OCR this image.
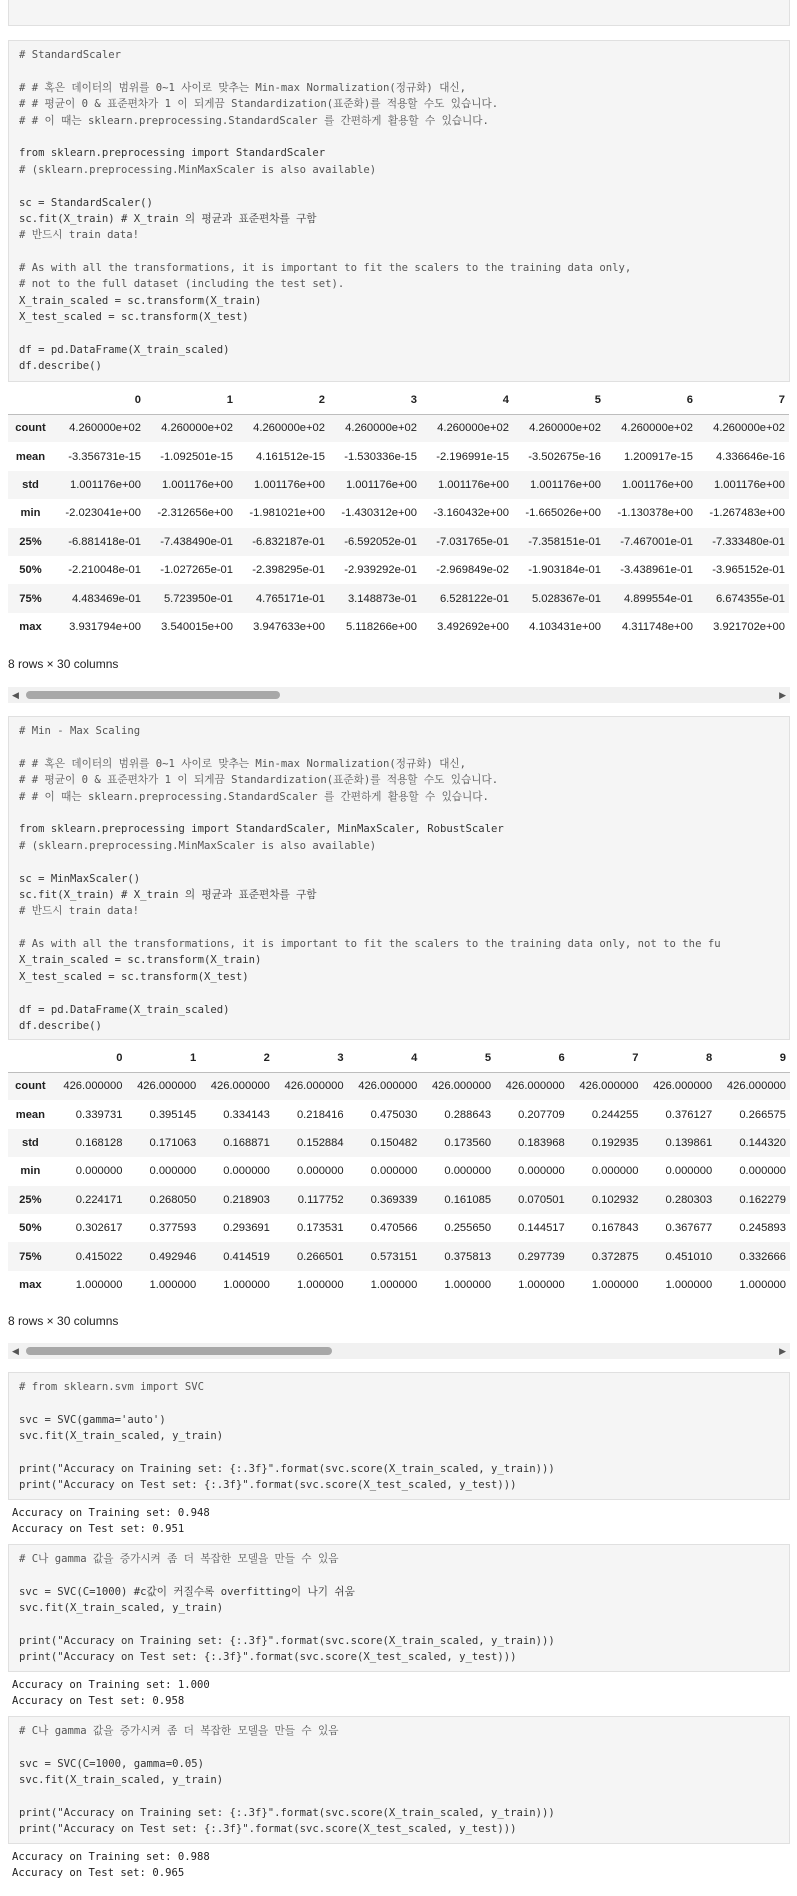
# StandardScaler
# # 혹은 데이터의 범위를 0~1 사이로 맞추는 Min-max Normalization(정규화) 대신,
# # 평균이 0 & 표준편차가 1 이 되게끔 Standardization(표준화)를 적용할 수도 있습니다.
# # 이 때는 sklearn.preprocessing.StandardScaler 를 간편하게 활용할 수 있습니다.
from sklearn.preprocessing import StandardScaler
# (sklearn.preprocessing.MinMaxScaler is also available)
sc = StandardScaler()
sc.fit(X_train) # X_train 의 평균과 표준편차를 구함
# 반드시 train data!
# As with all the transformations, it is important to fit the scalers to the training data only,
# not to the full dataset (including the test set).
X_train_scaled = sc.transform(X_train)
X_test_scaled = sc.transform(X_test)
df = pd.DataFrame(X_train_scaled)
df.describe()
	0	1	2	3	4	5	6	7
count	4.260000e+02	4.260000e+02	4.260000e+02	4.260000e+02	4.260000e+02	4.260000e+02	4.260000e+02	4.260000e+02
mean	-3.356731e-15	-1.092501e-15	4.161512e-15	-1.530336e-15	-2.196991e-15	-3.502675e-16	1.200917e-15	4.336646e-16
std	1.001176e+00	1.001176e+00	1.001176e+00	1.001176e+00	1.001176e+00	1.001176e+00	1.001176e+00	1.001176e+00
min	-2.023041e+00	-2.312656e+00	-1.981021e+00	-1.430312e+00	-3.160432e+00	-1.665026e+00	-1.130378e+00	-1.267483e+00
25%	-6.881418e-01	-7.438490e-01	-6.832187e-01	-6.592052e-01	-7.031765e-01	-7.358151e-01	-7.467001e-01	-7.333480e-01
50%	-2.210048e-01	-1.027265e-01	-2.398295e-01	-2.939292e-01	-2.969849e-02	-1.903184e-01	-3.438961e-01	-3.965152e-01
75%	4.483469e-01	5.723950e-01	4.765171e-01	3.148873e-01	6.528122e-01	5.028367e-01	4.899554e-01	6.674355e-01
max	3.931794e+00	3.540015e+00	3.947633e+00	5.118266e+00	3.492692e+00	4.103431e+00	4.311748e+00	3.921702e+00
8 rows × 30 columns
◀	▶
# Min - Max Scaling
# # 혹은 데이터의 범위를 0~1 사이로 맞추는 Min-max Normalization(정규화) 대신,
# # 평균이 0 & 표준편차가 1 이 되게끔 Standardization(표준화)를 적용할 수도 있습니다.
# # 이 때는 sklearn.preprocessing.StandardScaler 를 간편하게 활용할 수 있습니다.
from sklearn.preprocessing import StandardScaler, MinMaxScaler, RobustScaler
# (sklearn.preprocessing.MinMaxScaler is also available)
sc = MinMaxScaler()
sc.fit(X_train) # X_train 의 평균과 표준편차를 구함
# 반드시 train data!
# As with all the transformations, it is important to fit the scalers to the training data only, not to the fu
X_train_scaled = sc.transform(X_train)
X_test_scaled = sc.transform(X_test)
df = pd.DataFrame(X_train_scaled)
df.describe()
	0	1	2	3	4	5	6	7	8	9
count	426.000000	426.000000	426.000000	426.000000	426.000000	426.000000	426.000000	426.000000	426.000000	426.000000
mean	0.339731	0.395145	0.334143	0.218416	0.475030	0.288643	0.207709	0.244255	0.376127	0.266575
std	0.168128	0.171063	0.168871	0.152884	0.150482	0.173560	0.183968	0.192935	0.139861	0.144320
min	0.000000	0.000000	0.000000	0.000000	0.000000	0.000000	0.000000	0.000000	0.000000	0.000000
25%	0.224171	0.268050	0.218903	0.117752	0.369339	0.161085	0.070501	0.102932	0.280303	0.162279
50%	0.302617	0.377593	0.293691	0.173531	0.470566	0.255650	0.144517	0.167843	0.367677	0.245893
75%	0.415022	0.492946	0.414519	0.266501	0.573151	0.375813	0.297739	0.372875	0.451010	0.332666
max	1.000000	1.000000	1.000000	1.000000	1.000000	1.000000	1.000000	1.000000	1.000000	1.000000
8 rows × 30 columns
◀	▶
# from sklearn.svm import SVC
svc = SVC(gamma='auto')
svc.fit(X_train_scaled, y_train)
print("Accuracy on Training set: {:.3f}".format(svc.score(X_train_scaled, y_train)))
print("Accuracy on Test set: {:.3f}".format(svc.score(X_test_scaled, y_test)))
Accuracy on Training set: 0.948
Accuracy on Test set: 0.951
# C나 gamma 값을 증가시켜 좀 더 복잡한 모델을 만들 수 있음
svc = SVC(C=1000) #c값이 커질수록 overfitting이 나기 쉬움
svc.fit(X_train_scaled, y_train)
print("Accuracy on Training set: {:.3f}".format(svc.score(X_train_scaled, y_train)))
print("Accuracy on Test set: {:.3f}".format(svc.score(X_test_scaled, y_test)))
Accuracy on Training set: 1.000
Accuracy on Test set: 0.958
# C나 gamma 값을 증가시켜 좀 더 복잡한 모델을 만들 수 있음
svc = SVC(C=1000, gamma=0.05)
svc.fit(X_train_scaled, y_train)
print("Accuracy on Training set: {:.3f}".format(svc.score(X_train_scaled, y_train)))
print("Accuracy on Test set: {:.3f}".format(svc.score(X_test_scaled, y_test)))
Accuracy on Training set: 0.988
Accuracy on Test set: 0.965
